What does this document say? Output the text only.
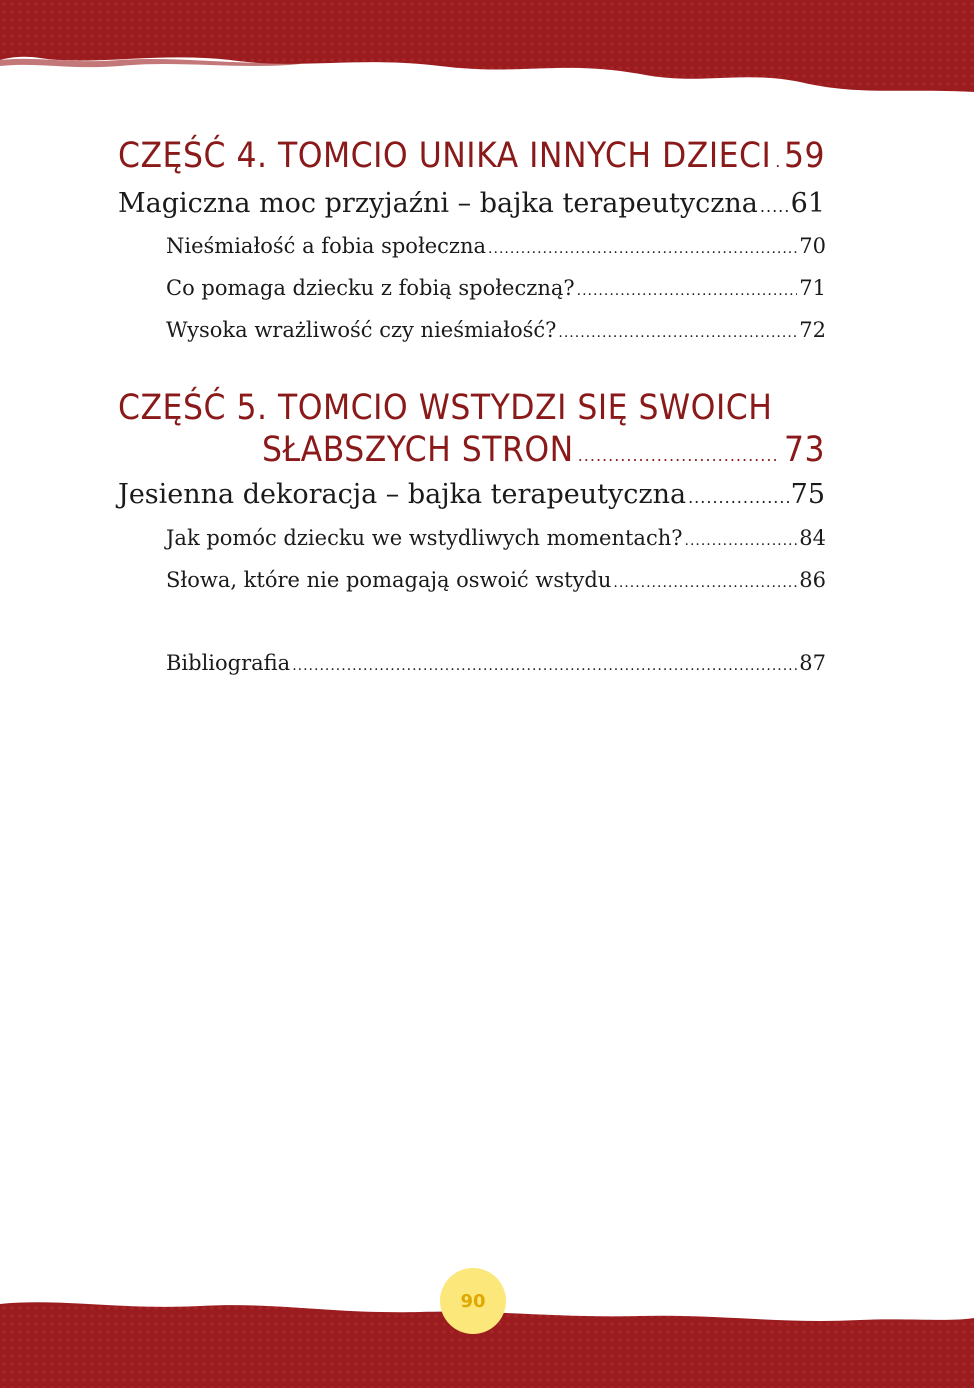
CZĘŚĆ 4. TOMCIO UNIKA INNYCH DZIECI ..... 59
Magiczna moc przyjaźni – bajka terapeutyczna ..... 61
Nieśmiałość a fobia społeczna .....	70
Co pomaga dziecku z fobią społeczną? .....	71
Wysoka wrażliwość czy nieśmiałość? .....	72
CZĘŚĆ 5. TOMCIO WSTYDZI SIĘ SWOICH
SŁABSZYCH STRON .....	73
Jesienna dekoracja – bajka terapeutyczna .....	75
Jak pomóc dziecku we wstydliwych momentach? .....	84
Słowa, które nie pomagają oswoić wstydu .....	86
Bibliografia .....	87
90
